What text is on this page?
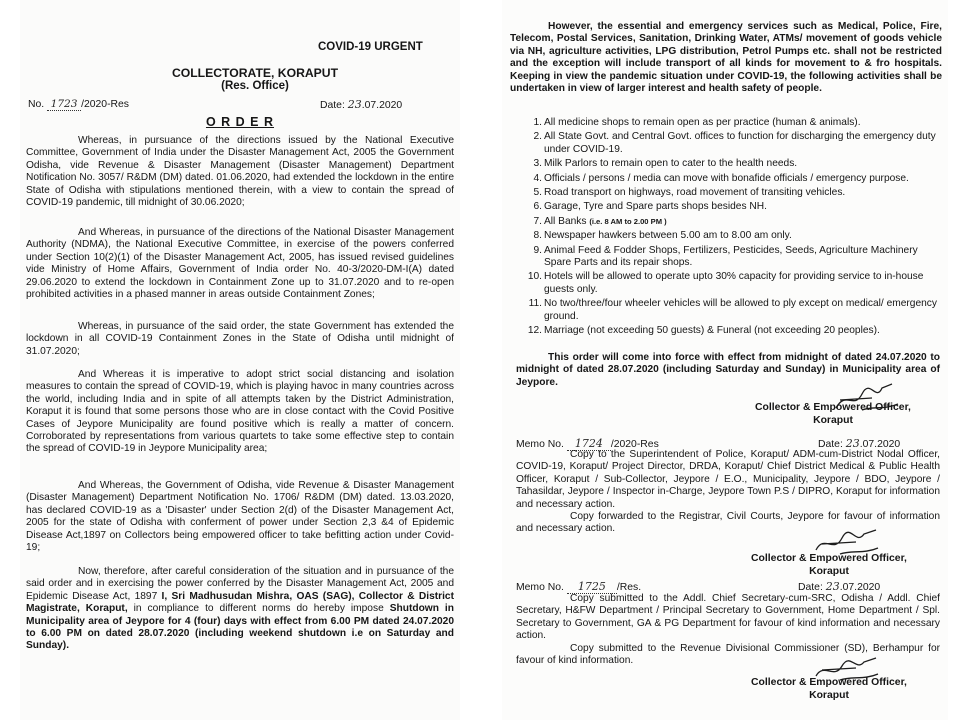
COVID-19 URGENT
COLLECTORATE, KORAPUT
(Res. Office)
No. 1723 /2020-Res	Date: 23.07.2020
O R D E R
Whereas, in pursuance of the directions issued by the National Executive Committee, Government of India under the Disaster Management Act, 2005 the Government Odisha, vide Revenue & Disaster Management (Disaster Management) Department Notification No. 3057/ R&DM (DM) dated. 01.06.2020, had extended the lockdown in the entire State of Odisha with stipulations mentioned therein, with a view to contain the spread of COVID-19 pandemic, till midnight of 30.06.2020;
And Whereas, in pursuance of the directions of the National Disaster Management Authority (NDMA), the National Executive Committee, in exercise of the powers conferred under Section 10(2)(1) of the Disaster Management Act, 2005, has issued revised guidelines vide Ministry of Home Affairs, Government of India order No. 40-3/2020-DM-I(A) dated 29.06.2020 to extend the lockdown in Containment Zone up to 31.07.2020 and to re-open prohibited activities in a phased manner in areas outside Containment Zones;
Whereas, in pursuance of the said order, the state Government has extended the lockdown in all COVID-19 Containment Zones in the State of Odisha until midnight of 31.07.2020;
And Whereas it is imperative to adopt strict social distancing and isolation measures to contain the spread of COVID-19, which is playing havoc in many countries across the world, including India and in spite of all attempts taken by the District Administration, Koraput it is found that some persons those who are in close contact with the Covid Positive Cases of Jeypore Municipality are found positive which is really a matter of concern. Corroborated by representations from various quartets to take some effective step to contain the spread of COVID-19 in Jeypore Municipality area;
And Whereas, the Government of Odisha, vide Revenue & Disaster Management (Disaster Management) Department Notification No. 1706/ R&DM (DM) dated. 13.03.2020, has declared COVID-19 as a 'Disaster' under Section 2(d) of the Disaster Management Act, 2005 for the state of Odisha with conferment of power under Section 2,3 &4 of Epidemic Disease Act,1897 on Collectors being empowered officer to take befitting action under Covid-19;
Now, therefore, after careful consideration of the situation and in pursuance of the said order and in exercising the power conferred by the Disaster Management Act, 2005 and Epidemic Disease Act, 1897 I, Sri Madhusudan Mishra, OAS (SAG), Collector & District Magistrate, Koraput, in compliance to different norms do hereby impose Shutdown in Municipality area of Jeypore for 4 (four) days with effect from 6.00 PM dated 24.07.2020 to 6.00 PM on dated 28.07.2020 (including weekend shutdown i.e on Saturday and Sunday).
However, the essential and emergency services such as Medical, Police, Fire, Telecom, Postal Services, Sanitation, Drinking Water, ATMs/ movement of goods vehicle via NH, agriculture activities, LPG distribution, Petrol Pumps etc. shall not be restricted and the exception will include transport of all kinds for movement to & fro hospitals. Keeping in view the pandemic situation under COVID-19, the following activities shall be undertaken in view of larger interest and health safety of people.
1. All medicine shops to remain open as per practice (human & animals).
2. All State Govt. and Central Govt. offices to function for discharging the emergency duty under COVID-19.
3. Milk Parlors to remain open to cater to the health needs.
4. Officials / persons / media can move with bonafide officials / emergency purpose.
5. Road transport on highways, road movement of transiting vehicles.
6. Garage, Tyre and Spare parts shops besides NH.
7. All Banks (i.e. 8 AM to 2.00 PM )
8. Newspaper hawkers between 5.00 am to 8.00 am only.
9. Animal Feed & Fodder Shops, Fertilizers, Pesticides, Seeds, Agriculture Machinery Spare Parts and its repair shops.
10. Hotels will be allowed to operate upto 30% capacity for providing service to in-house guests only.
11. No two/three/four wheeler vehicles will be allowed to ply except on medical/ emergency ground.
12. Marriage (not exceeding 50 guests) & Funeral (not exceeding 20 peoples).
This order will come into force with effect from midnight of dated 24.07.2020 to midnight of dated 28.07.2020 (including Saturday and Sunday) in Municipality area of Jeypore.
Collector & Empowered Officer,
Koraput
Memo No. 1724 /2020-Res	Date: 23.07.2020
Copy to the Superintendent of Police, Koraput/ ADM-cum-District Nodal Officer, COVID-19, Koraput/ Project Director, DRDA, Koraput/ Chief District Medical & Public Health Officer, Koraput / Sub-Collector, Jeypore / E.O., Municipality, Jeypore / BDO, Jeypore / Tahasildar, Jeypore / Inspector in-Charge, Jeypore Town P.S / DIPRO, Koraput for information and necessary action.
Copy forwarded to the Registrar, Civil Courts, Jeypore for favour of information and necessary action.
Collector & Empowered Officer,
Koraput
Memo No. 1725 /Res.	Date: 23.07.2020
Copy submitted to the Addl. Chief Secretary-cum-SRC, Odisha / Addl. Chief Secretary, H&FW Department / Principal Secretary to Government, Home Department / Spl. Secretary to Government, GA & PG Department for favour of kind information and necessary action.
Copy submitted to the Revenue Divisional Commissioner (SD), Berhampur for favour of kind information.
Collector & Empowered Officer,
Koraput
